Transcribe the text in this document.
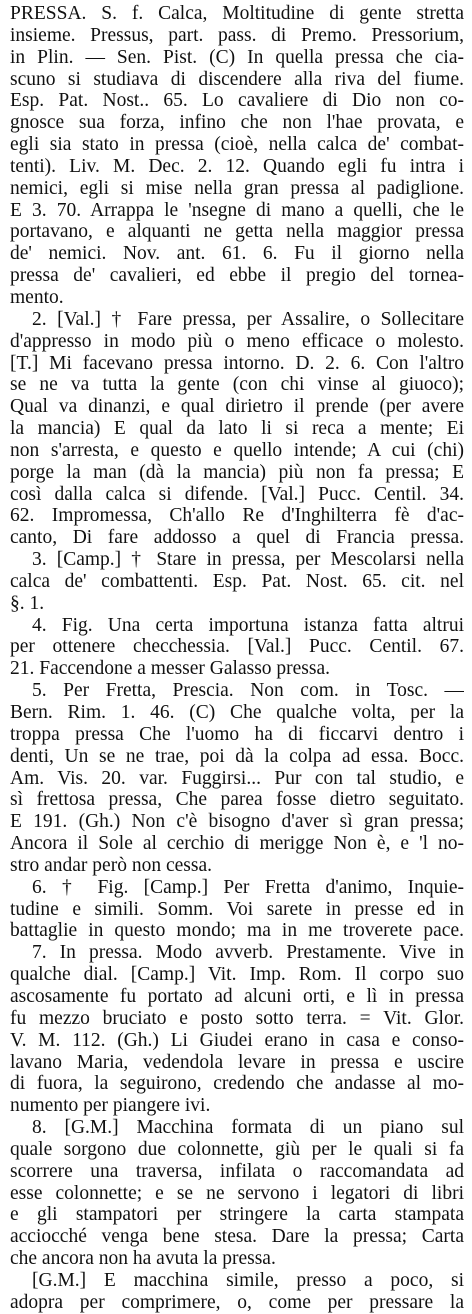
PRESSA. S. f. Calca, Moltitudine di gente stretta
insieme. Pressus, part. pass. di Premo. Pressorium,
in Plin. — Sen. Pist. (C) In quella pressa che cia-
scuno si studiava di discendere alla riva del fiume.
Esp. Pat. Nost.. 65. Lo cavaliere di Dio non co-
gnosce sua forza, infino che non l'hae provata, e
egli sia stato in pressa (cioè, nella calca de' combat-
tenti). Liv. M. Dec. 2. 12. Quando egli fu intra i
nemici, egli si mise nella gran pressa al padiglione.
E 3. 70. Arrappa le 'nsegne di mano a quelli, che le
portavano, e alquanti ne getta nella maggior pressa
de' nemici. Nov. ant. 61. 6. Fu il giorno nella
pressa de' cavalieri, ed ebbe il pregio del tornea-
mento.
2. [Val.] † Fare pressa, per Assalire, o Sollecitare
d'appresso in modo più o meno efficace o molesto.
[T.] Mi facevano pressa intorno. D. 2. 6. Con l'altro
se ne va tutta la gente (con chi vinse al giuoco);
Qual va dinanzi, e qual dirietro il prende (per avere
la mancia) E qual da lato li si reca a mente; Ei
non s'arresta, e questo e quello intende; A cui (chi)
porge la man (dà la mancia) più non fa pressa; E
così dalla calca si difende. [Val.] Pucc. Centil. 34.
62. Impromessa, Ch'allo Re d'Inghilterra fè d'ac-
canto, Di fare addosso a quel di Francia pressa.
3. [Camp.] † Stare in pressa, per Mescolarsi nella
calca de' combattenti. Esp. Pat. Nost. 65. cit. nel
§. 1.
4. Fig. Una certa importuna istanza fatta altrui
per ottenere checchessia. [Val.] Pucc. Centil. 67.
21. Faccendone a messer Galasso pressa.
5. Per Fretta, Prescia. Non com. in Tosc. —
Bern. Rim. 1. 46. (C) Che qualche volta, per la
troppa pressa Che l'uomo ha di ficcarvi dentro i
denti, Un se ne trae, poi dà la colpa ad essa. Bocc.
Am. Vis. 20. var. Fuggirsi... Pur con tal studio, e
sì frettosa pressa, Che parea fosse dietro seguitato.
E 191. (Gh.) Non c'è bisogno d'aver sì gran pressa;
Ancora il Sole al cerchio di merigge Non è, e 'l no-
stro andar però non cessa.
6. † Fig. [Camp.] Per Fretta d'animo, Inquie-
tudine e simili. Somm. Voi sarete in presse ed in
battaglie in questo mondo; ma in me troverete pace.
7. In pressa. Modo avverb. Prestamente. Vive in
qualche dial. [Camp.] Vit. Imp. Rom. Il corpo suo
ascosamente fu portato ad alcuni orti, e lì in pressa
fu mezzo bruciato e posto sotto terra. = Vit. Glor.
V. M. 112. (Gh.) Li Giudei erano in casa e conso-
lavano Maria, vedendola levare in pressa e uscire
di fuora, la seguirono, credendo che andasse al mo-
numento per piangere ivi.
8. [G.M.] Macchina formata di un piano sul
quale sorgono due colonnette, giù per le quali si fa
scorrere una traversa, infilata o raccomandata ad
esse colonnette; e se ne servono i legatori di libri
e gli stampatori per stringere la carta stampata
acciocché venga bene stesa. Dare la pressa; Carta
che ancora non ha avuta la pressa.
[G.M.] E macchina simile, presso a poco, si
adopra per comprimere, o, come per pressare la
